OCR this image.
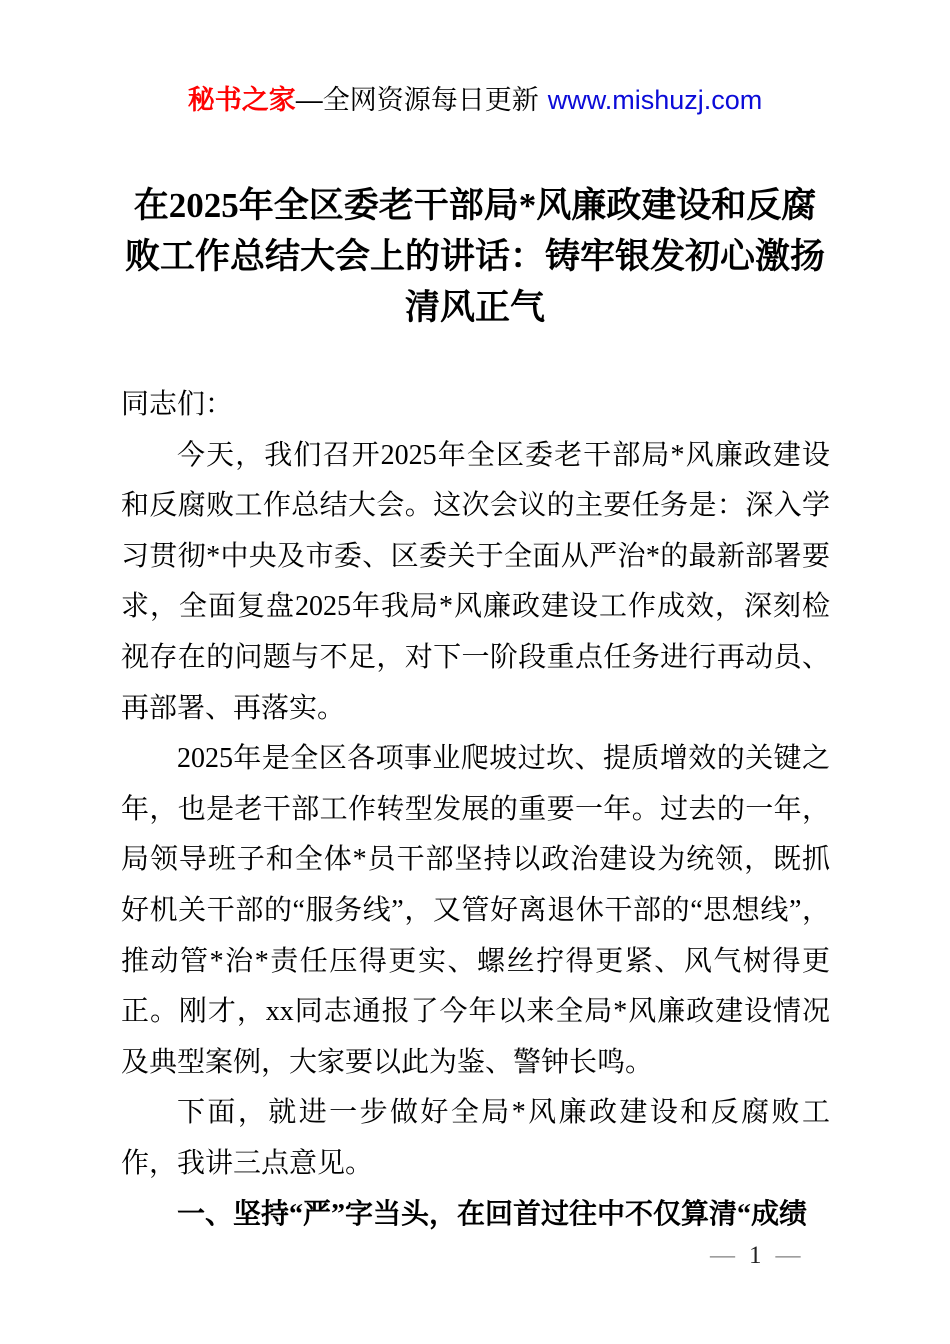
秘书之家—全网资源每日更新 www.mishuzj.com
在2025年全区委老干部局*风廉政建设和反腐
败工作总结大会上的讲话：铸牢银发初心激扬
清风正气

同志们：

今天，我们召开2025年全区委老干部局*风廉政建设和反腐败工作总结大会。这次会议的主要任务是：深入学习贯彻*中央及市委、区委关于全面从严治*的最新部署要求，全面复盘2025年我局*风廉政建设工作成效，深刻检视存在的问题与不足，对下一阶段重点任务进行再动员、再部署、再落实。

2025年是全区各项事业爬坡过坎、提质增效的关键之年，也是老干部工作转型发展的重要一年。过去的一年，局领导班子和全体*员干部坚持以政治建设为统领，既抓好机关干部的“服务线”，又管好离退休干部的“思想线”，推动管*治*责任压得更实、螺丝拧得更紧、风气树得更正。刚才，xx同志通报了今年以来全局*风廉政建设情况及典型案例，大家要以此为鉴、警钟长鸣。

下面，就进一步做好全局*风廉政建设和反腐败工作，我讲三点意见。

一、坚持“严”字当头，在回首过往中不仅算清“成绩

— 1 —
